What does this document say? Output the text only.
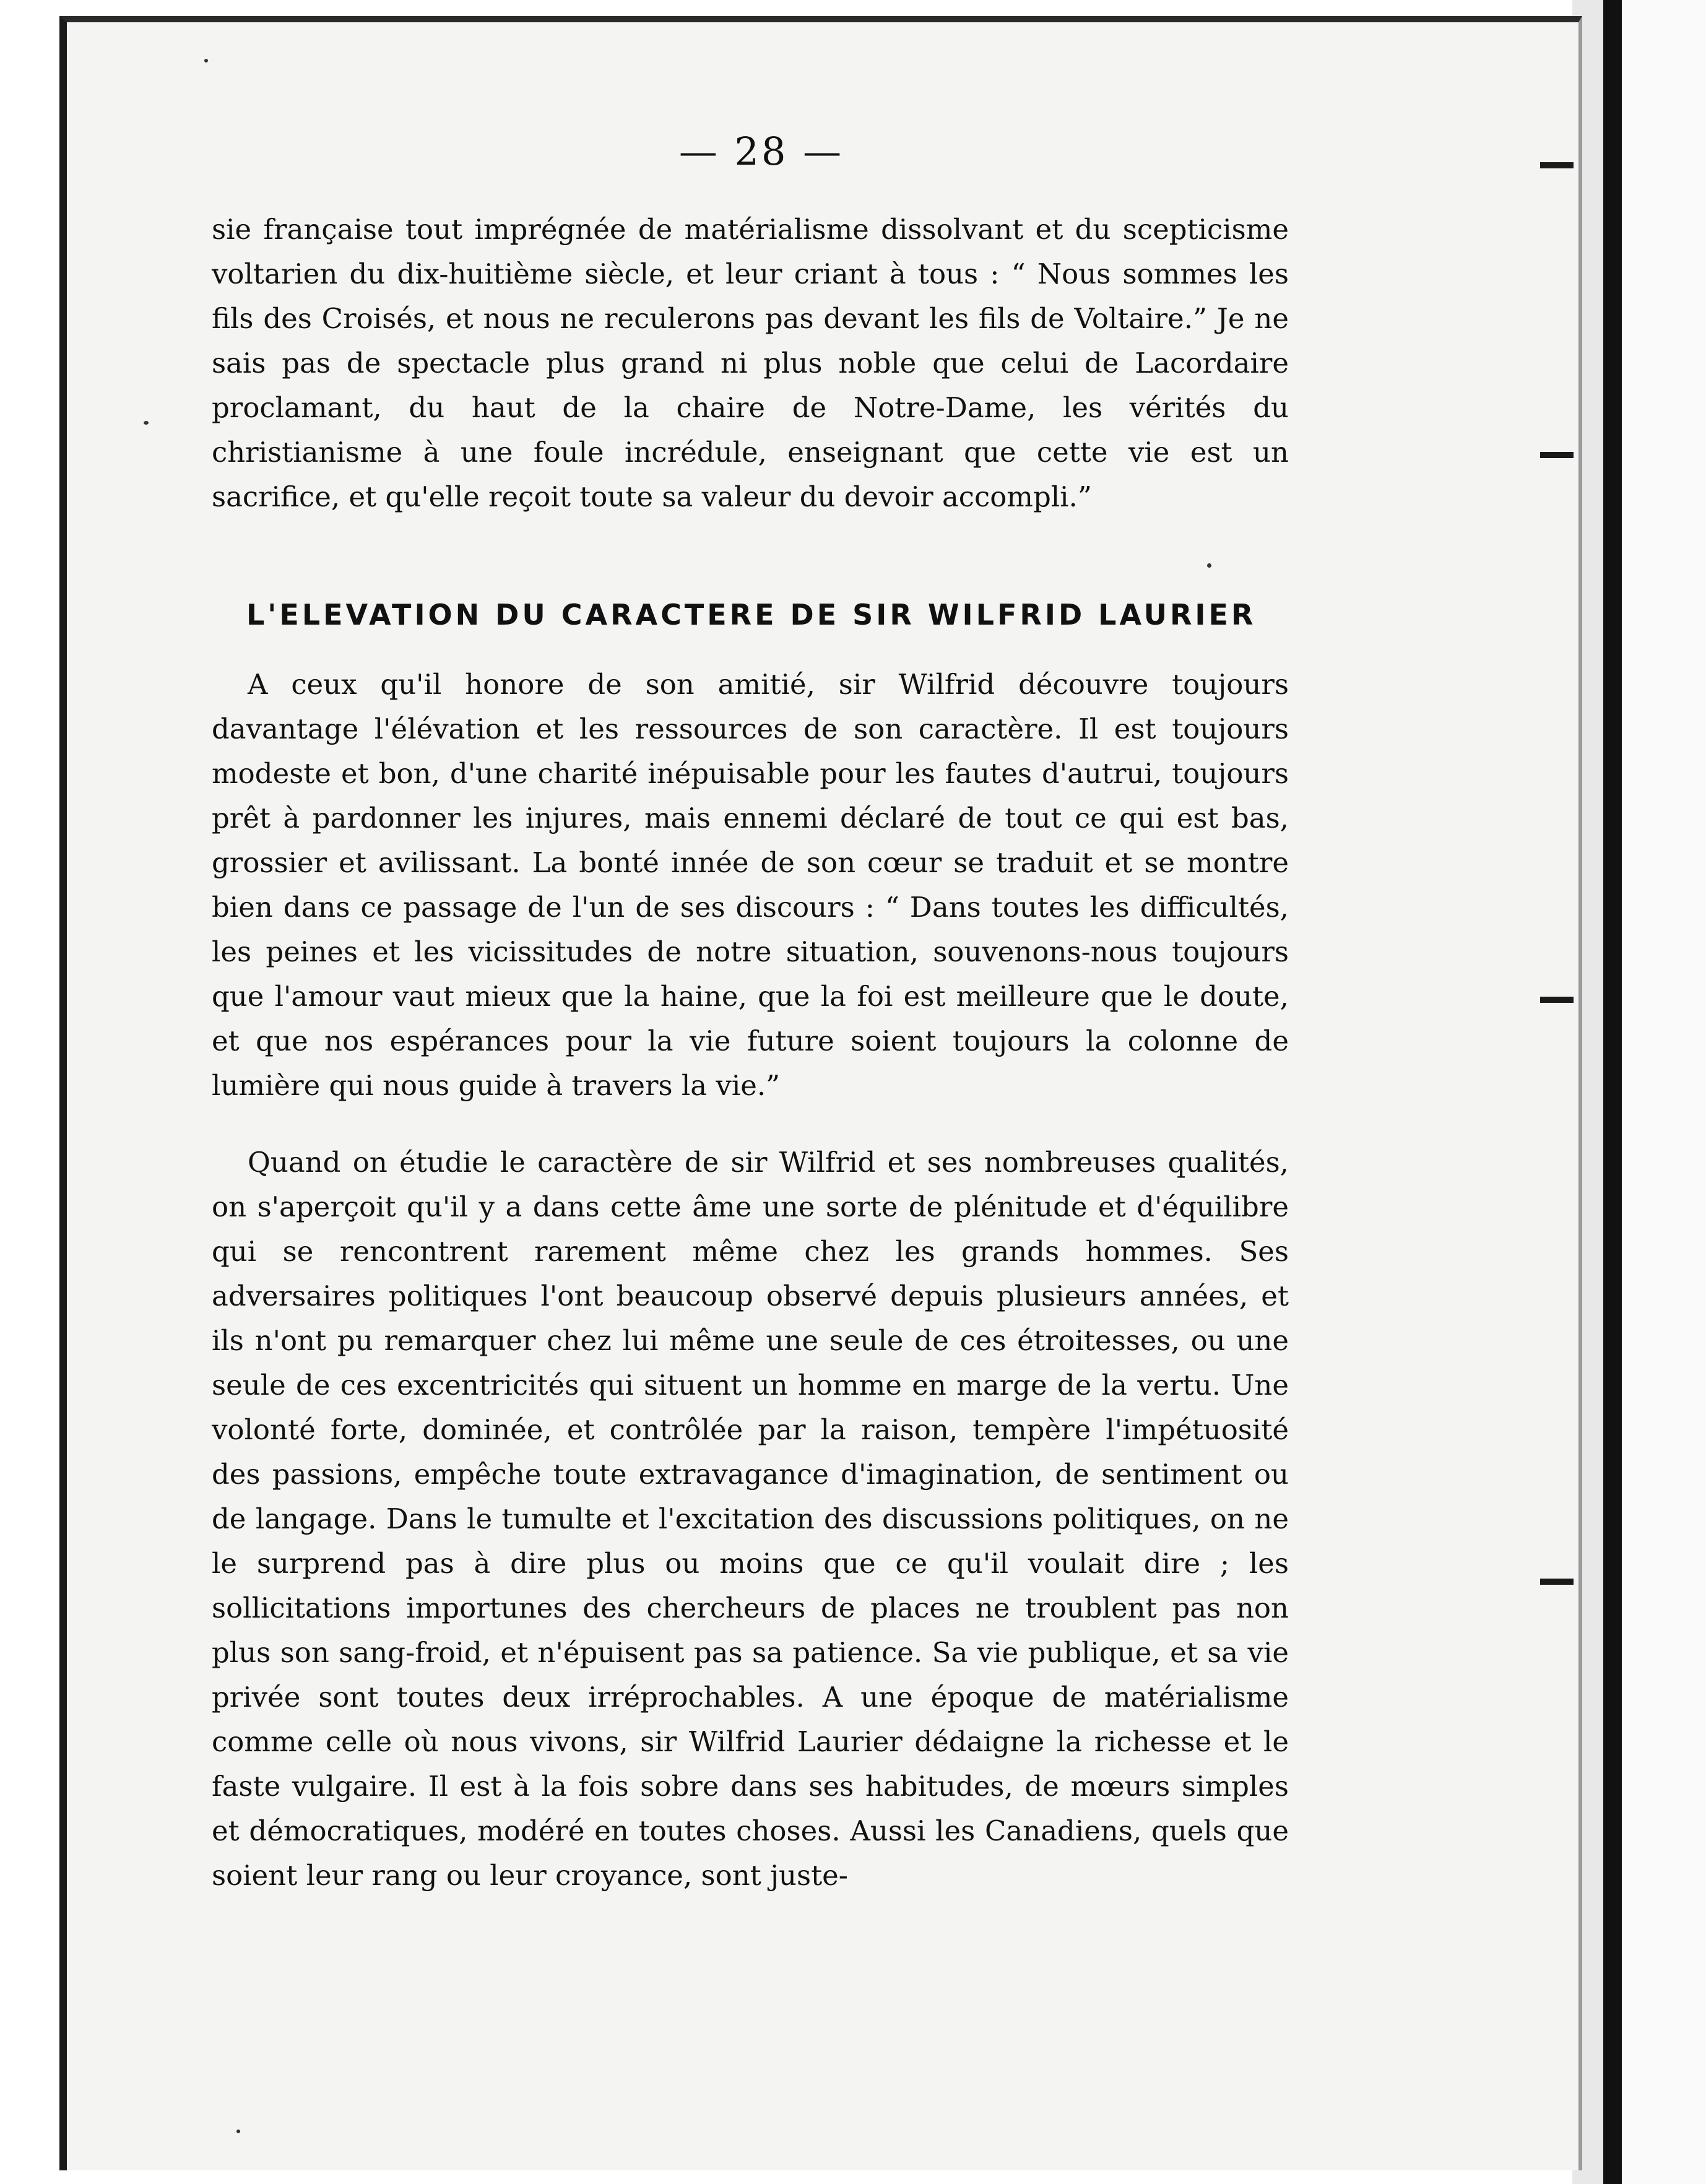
— 28 —

sie française tout imprégnée de matérialisme dissolvant et du scepticisme voltarien du dix-huitième siècle, et leur criant à tous : “ Nous sommes les fils des Croisés, et nous ne reculerons pas devant les fils de Voltaire.” Je ne sais pas de spectacle plus grand ni plus noble que celui de Lacordaire proclamant, du haut de la chaire de Notre-Dame, les vérités du christianisme à une foule incrédule, enseignant que cette vie est un sacrifice, et qu'elle reçoit toute sa valeur du devoir accompli.”

L'ELEVATION DU CARACTERE DE SIR WILFRID LAURIER

A ceux qu'il honore de son amitié, sir Wilfrid découvre toujours davantage l'élévation et les ressources de son caractère. Il est toujours modeste et bon, d'une charité inépuisable pour les fautes d'autrui, toujours prêt à pardonner les injures, mais ennemi déclaré de tout ce qui est bas, grossier et avilissant. La bonté innée de son cœur se traduit et se montre bien dans ce passage de l'un de ses discours : “ Dans toutes les difficultés, les peines et les vicissitudes de notre situation, souvenons-nous toujours que l'amour vaut mieux que la haine, que la foi est meilleure que le doute, et que nos espérances pour la vie future soient toujours la colonne de lumière qui nous guide à travers la vie.”

Quand on étudie le caractère de sir Wilfrid et ses nombreuses qualités, on s'aperçoit qu'il y a dans cette âme une sorte de plénitude et d'équilibre qui se rencontrent rarement même chez les grands hommes. Ses adversaires politiques l'ont beaucoup observé depuis plusieurs années, et ils n'ont pu remarquer chez lui même une seule de ces étroitesses, ou une seule de ces excentricités qui situent un homme en marge de la vertu. Une volonté forte, dominée, et contrôlée par la raison, tempère l'impétuosité des passions, empêche toute extravagance d'imagination, de sentiment ou de langage. Dans le tumulte et l'excitation des discussions politiques, on ne le surprend pas à dire plus ou moins que ce qu'il voulait dire ; les sollicitations importunes des chercheurs de places ne troublent pas non plus son sang-froid, et n'épuisent pas sa patience. Sa vie publique, et sa vie privée sont toutes deux irréprochables. A une époque de matérialisme comme celle où nous vivons, sir Wilfrid Laurier dédaigne la richesse et le faste vulgaire. Il est à la fois sobre dans ses habitudes, de mœurs simples et démocratiques, modéré en toutes choses. Aussi les Canadiens, quels que soient leur rang ou leur croyance, sont juste-
